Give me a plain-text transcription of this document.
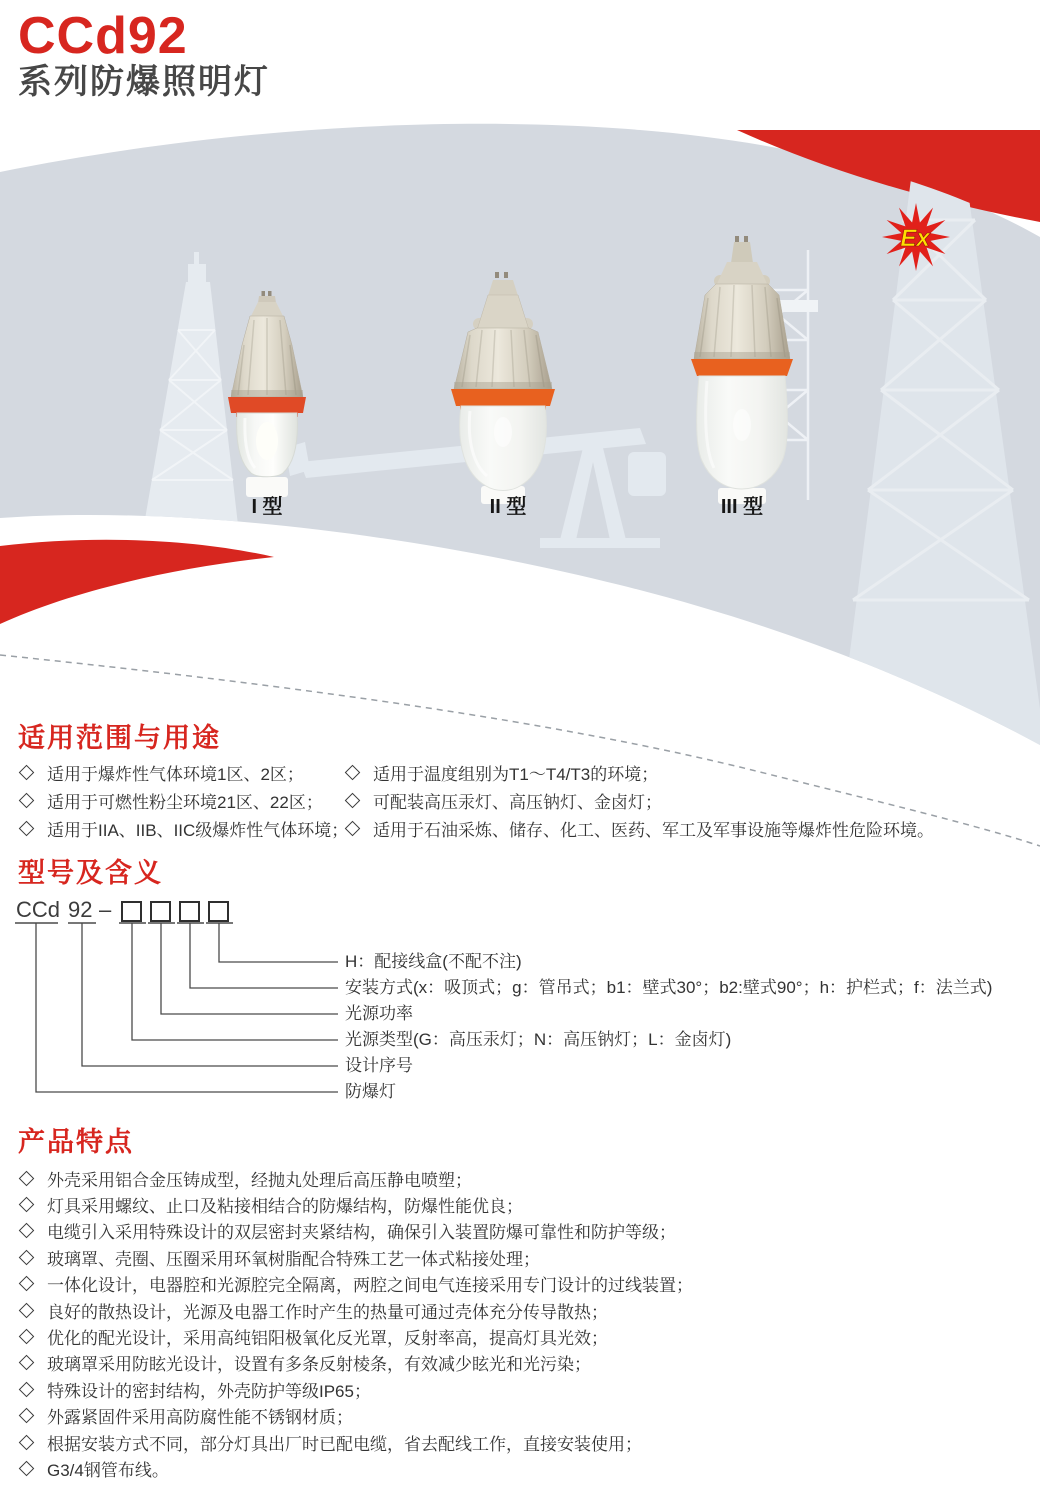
Ex
CCd92
系列防爆照明灯
I 型	II 型	III 型
适用范围与用途
适用于爆炸性气体环境1区、2区；
适用于可燃性粉尘环境21区、22区；
适用于IIA、IIB、IIC级爆炸性气体环境；
适用于温度组别为T1～T4/T3的环境；
可配装高压汞灯、高压钠灯、金卤灯；
适用于石油采炼、储存、化工、医药、军工及军事设施等爆炸性危险环境。
型号及含义
CCd 92 –
H：配接线盒(不配不注)
安装方式(x：吸顶式；g：管吊式；b1：壁式30°；b2:壁式90°；h：护栏式；f：法兰式)
光源功率
光源类型(G：高压汞灯；N：高压钠灯；L：金卤灯)
设计序号
防爆灯
产品特点
外壳采用铝合金压铸成型，经抛丸处理后高压静电喷塑；
灯具采用螺纹、止口及粘接相结合的防爆结构，防爆性能优良；
电缆引入采用特殊设计的双层密封夹紧结构，确保引入装置防爆可靠性和防护等级；
玻璃罩、壳圈、压圈采用环氧树脂配合特殊工艺一体式粘接处理；
一体化设计，电器腔和光源腔完全隔离，两腔之间电气连接采用专门设计的过线装置；
良好的散热设计，光源及电器工作时产生的热量可通过壳体充分传导散热；
优化的配光设计，采用高纯铝阳极氧化反光罩，反射率高，提高灯具光效；
玻璃罩采用防眩光设计，设置有多条反射棱条，有效减少眩光和光污染；
特殊设计的密封结构，外壳防护等级IP65；
外露紧固件采用高防腐性能不锈钢材质；
根据安装方式不同，部分灯具出厂时已配电缆，省去配线工作，直接安装使用；
G3/4钢管布线。
